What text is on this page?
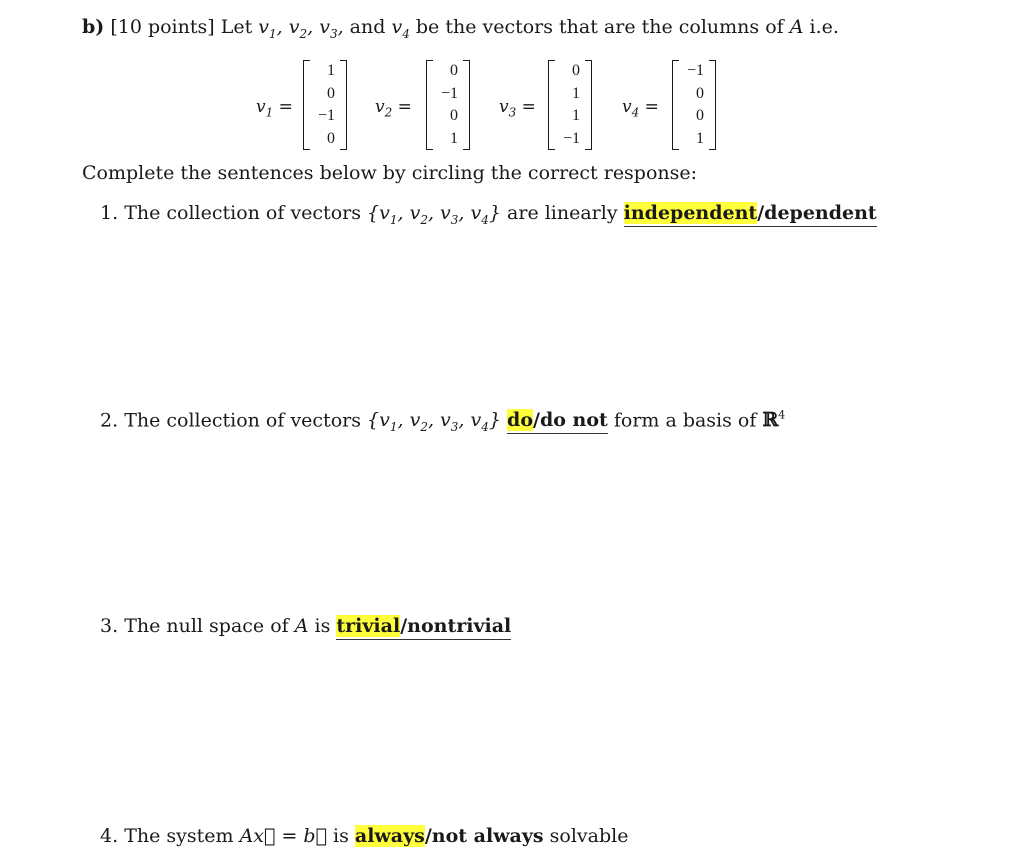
b) [10 points] Let $v_1$, $v_2$, $v_3$, and $v_4$ be the vectors that are the columns of A i.e.
$v_1$ =
1
0
−1
0
$v_2$ =
0
−1
0
1
$v_3$ =
0
1
1
−1
$v_4$ =
−1
0
0
1
Complete the sentences below by circling the correct response:
1. The collection of vectors {$v_1$, $v_2$, $v_3$, $v_4$} are linearly independent/dependent
2. The collection of vectors {$v_1$, $v_2$, $v_3$, $v_4$} do/do not form a basis of ℝ$^4$
3. The null space of A is trivial/nontrivial
4. The system Ax⃗ = b⃗ is always/not always solvable
